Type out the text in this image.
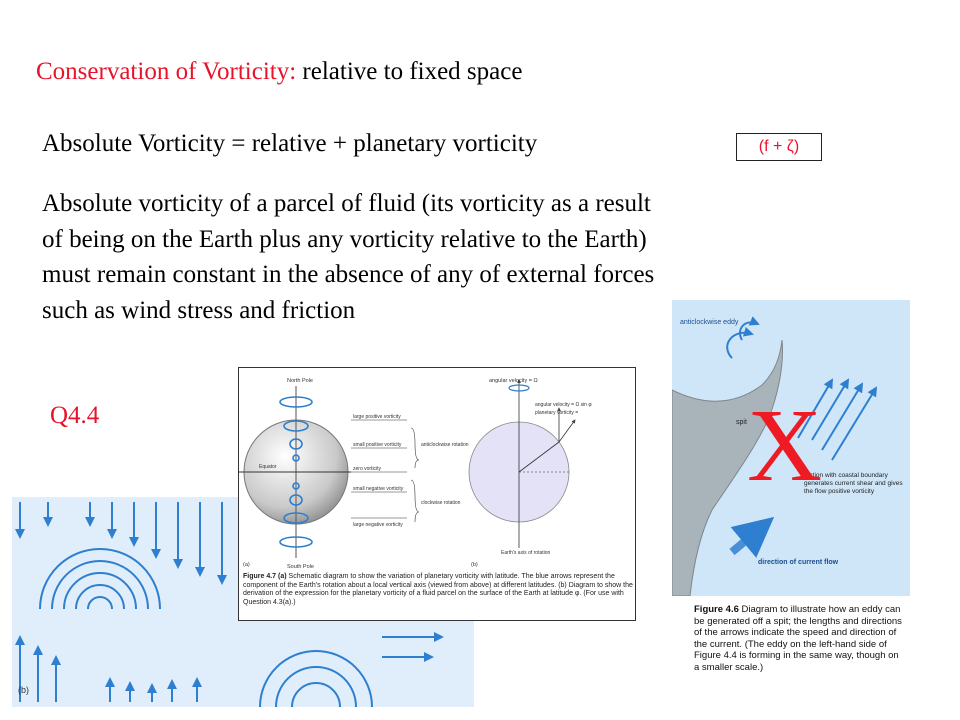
Conservation of Vorticity: relative to fixed space
Absolute Vorticity = relative + planetary vorticity	(f + ζ)
Absolute vorticity of a parcel of fluid (its vorticity as a result
of being on the Earth plus any vorticity relative to the Earth)
must remain constant in the absence of any of external forces
such as wind stress and friction
Q4.4
(b)
North Pole
South Pole
Equator
large positive vorticity
small positive vorticity
zero vorticity
small negative vorticity
large negative vorticity
anticlockwise rotation
clockwise rotation
angular velocity = Ω
angular velocity = Ω sin φ
planetary vorticity =
Earth's axis of rotation
(a)	(b)
Figure 4.7 (a) Schematic diagram to show the variation of planetary vorticity with latitude. The blue arrows represent the component of the Earth's rotation about a local vertical axis (viewed from above) at different latitudes. (b) Diagram to show the derivation of the expression for the planetary vorticity of a fluid parcel on the surface of the Earth at latitude φ. (For use with Question 4.3(a).)
anticlockwise eddy
spit
direction of current flow
friction with coastal boundary generates current shear and gives the flow positive vorticity
X
Figure 4.6 Diagram to illustrate how an eddy can be generated off a spit; the lengths and directions of the arrows indicate the speed and direction of the current. (The eddy on the left-hand side of Figure 4.4 is forming in the same way, though on a smaller scale.)
